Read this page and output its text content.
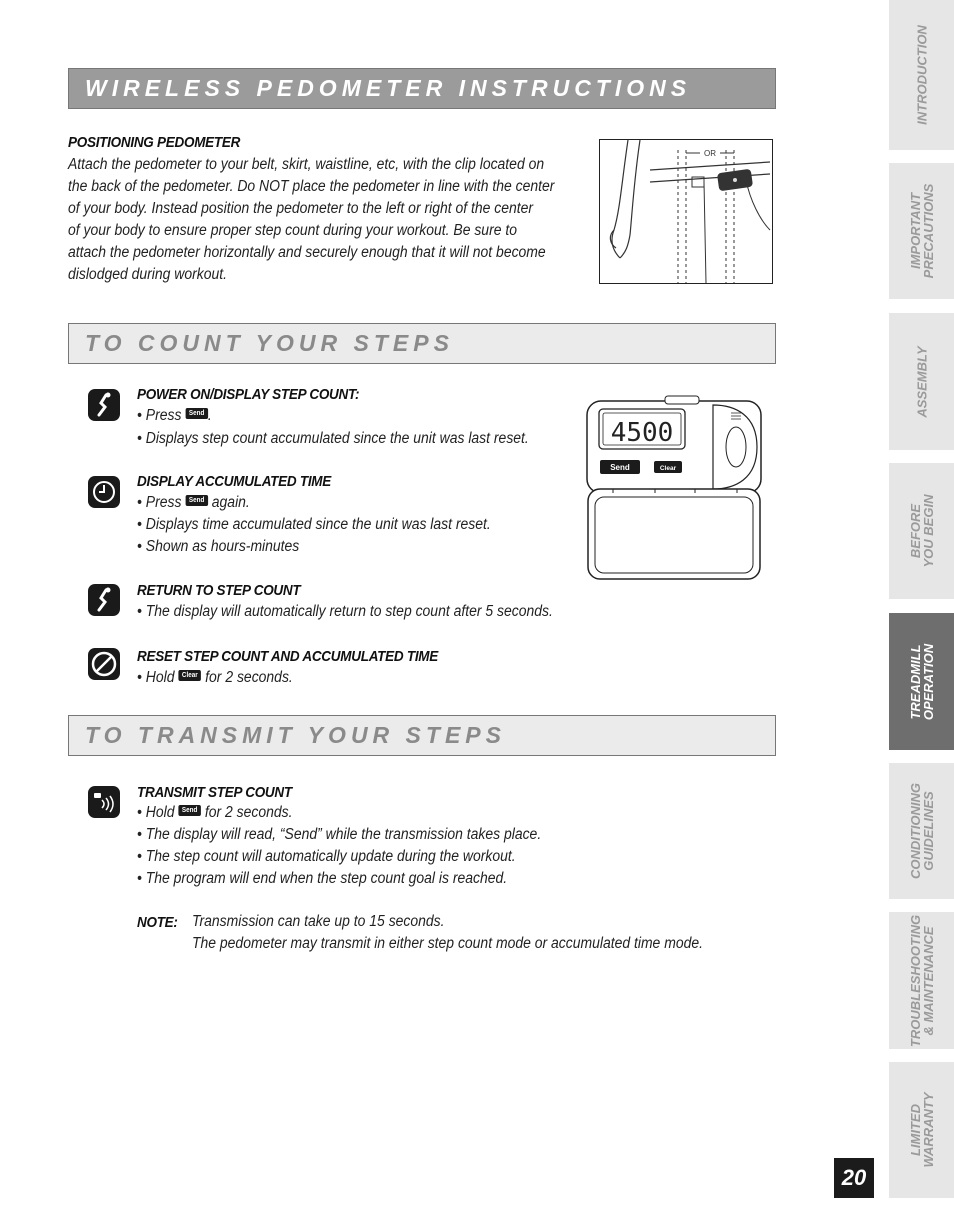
WIRELESS PEDOMETER INSTRUCTIONS
POSITIONING PEDOMETER
Attach the pedometer to your belt, skirt, waistline, etc, with the clip located on
the back of the pedometer. Do NOT place the pedometer in line with the center
of your body. Instead position the pedometer to the left or right of the center
of your body to ensure proper step count during your workout. Be sure to
attach the pedometer horizontally and securely enough that it will not become
dislodged during workout.
OR
TO COUNT YOUR STEPS
POWER ON/DISPLAY STEP COUNT:
• Press Send .
• Displays step count accumulated since the unit was last reset.
DISPLAY ACCUMULATED TIME
• Press Send again.
• Displays time accumulated since the unit was last reset.
• Shown as hours-minutes
RETURN TO STEP COUNT
• The display will automatically return to step count after 5 seconds.
RESET STEP COUNT AND ACCUMULATED TIME
• Hold Clear for 2 seconds.
4500
Send	Clear
TO TRANSMIT YOUR STEPS
TRANSMIT STEP COUNT
• Hold Send for 2 seconds.
• The display will read, “Send” while the transmission takes place.
• The step count will automatically update during the workout.
• The program will end when the step count goal is reached.
NOTE: Transmission can take up to 15 seconds.
The pedometer may transmit in either step count mode or accumulated time mode.
INTRODUCTION
IMPORTANT
PRECAUTIONS
ASSEMBLY
BEFORE
YOU BEGIN
TREADMILL
OPERATION
CONDITIONING
GUIDELINES
TROUBLESHOOTING
& MAINTENANCE
LIMITED
WARRANTY
20
